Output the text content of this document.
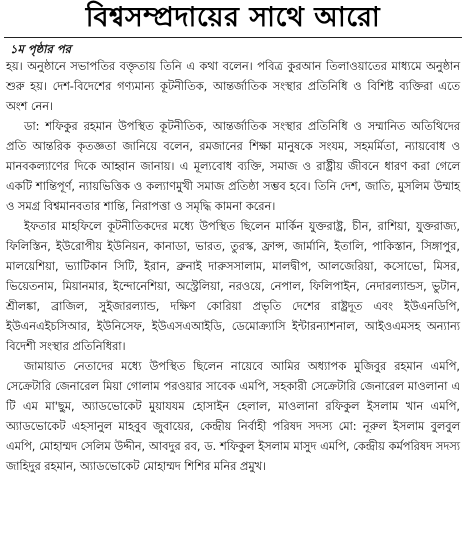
বিশ্বসম্প্রদায়ের সাথে আরো
১ম পৃষ্ঠার পর

হয়। অনুষ্ঠানে সভাপতির বক্তৃতায় তিনি এ কথা বলেন। পবিত্র কুরআন তিলাওয়াতের মাধ্যমে অনুষ্ঠান শুরু হয়। দেশ-বিদেশের গণ্যমান্য কূটনীতিক, আন্তর্জাতিক সংস্থার প্রতিনিধি ও বিশিষ্ট ব্যক্তিরা এতে অংশ নেন।

ডা: শফিকুর রহমান উপস্থিত কূটনীতিক, আন্তর্জাতিক সংস্থার প্রতিনিধি ও সম্মানিত অতিথিদের প্রতি আন্তরিক কৃতজ্ঞতা জানিয়ে বলেন, রমজানের শিক্ষা মানুষকে সংযম, সহমর্মিতা, ন্যায়বোধ ও মানবকল্যাণের দিকে আহ্বান জানায়। এ মূল্যবোধ ব্যক্তি, সমাজ ও রাষ্ট্রীয় জীবনে ধারণ করা গেলে একটি শান্তিপূর্ণ, ন্যায়ভিত্তিক ও কল্যাণমুখী সমাজ প্রতিষ্ঠা সম্ভব হবে। তিনি দেশ, জাতি, মুসলিম উম্মাহ ও সমগ্র বিশ্বমানবতার শান্তি, নিরাপত্তা ও সমৃদ্ধি কামনা করেন।

ইফতার মাহফিলে কূটনীতিকদের মধ্যে উপস্থিত ছিলেন মার্কিন যুক্তরাষ্ট্র, চীন, রাশিয়া, যুক্তরাজ্য, ফিলিস্তিন, ইউরোপীয় ইউনিয়ন, কানাডা, ভারত, তুরস্ক, ফ্রান্স, জার্মানি, ইতালি, পাকিস্তান, সিঙ্গাপুর, মালয়েশিয়া, ভ্যাটিকান সিটি, ইরান, ব্রুনাই দারুসসালাম, মালদ্বীপ, আলজেরিয়া, কসোভো, মিসর, ভিয়েতনাম, মিয়ানমার, ইন্দোনেশিয়া, অস্ট্রেলিয়া, নরওয়ে, নেপাল, ফিলিপাইন, নেদারল্যান্ডস, ভুটান, শ্রীলঙ্কা, ব্রাজিল, সুইজারল্যান্ড, দক্ষিণ কোরিয়া প্রভৃতি দেশের রাষ্ট্রদূত এবং ইউএনডিপি, ইউএনএইচসিআর, ইউনিসেফ, ইউএসএআইডি, ডেমোক্র্যাসি ইন্টারন্যাশনাল, আইওএমসহ অন্যান্য বিদেশী সংস্থার প্রতিনিধিরা।

জামায়াত নেতাদের মধ্যে উপস্থিত ছিলেন নায়েবে আমির অধ্যাপক মুজিবুর রহমান এমপি, সেক্রেটারি জেনারেল মিয়া গোলাম পরওয়ার সাবেক এমপি, সহকারী সেক্রেটারি জেনারেল মাওলানা এ টি এম মা'ছুম, অ্যাডভোকেট মুয়াযযম হোসাইন হেলাল, মাওলানা রফিকুল ইসলাম খান এমপি, অ্যাডভোকেট এহসানুল মাহবুব জুবায়ের, কেন্দ্রীয় নির্বাহী পরিষদ সদস্য মো: নূরুল ইসলাম বুলবুল এমপি, মোহাম্মদ সেলিম উদ্দীন, আবদুর রব, ড. শফিকুল ইসলাম মাসুদ এমপি, কেন্দ্রীয় কর্মপরিষদ সদস্য জাহিদুর রহমান, অ্যাডভোকেট মোহাম্মদ শিশির মনির প্রমুখ।
